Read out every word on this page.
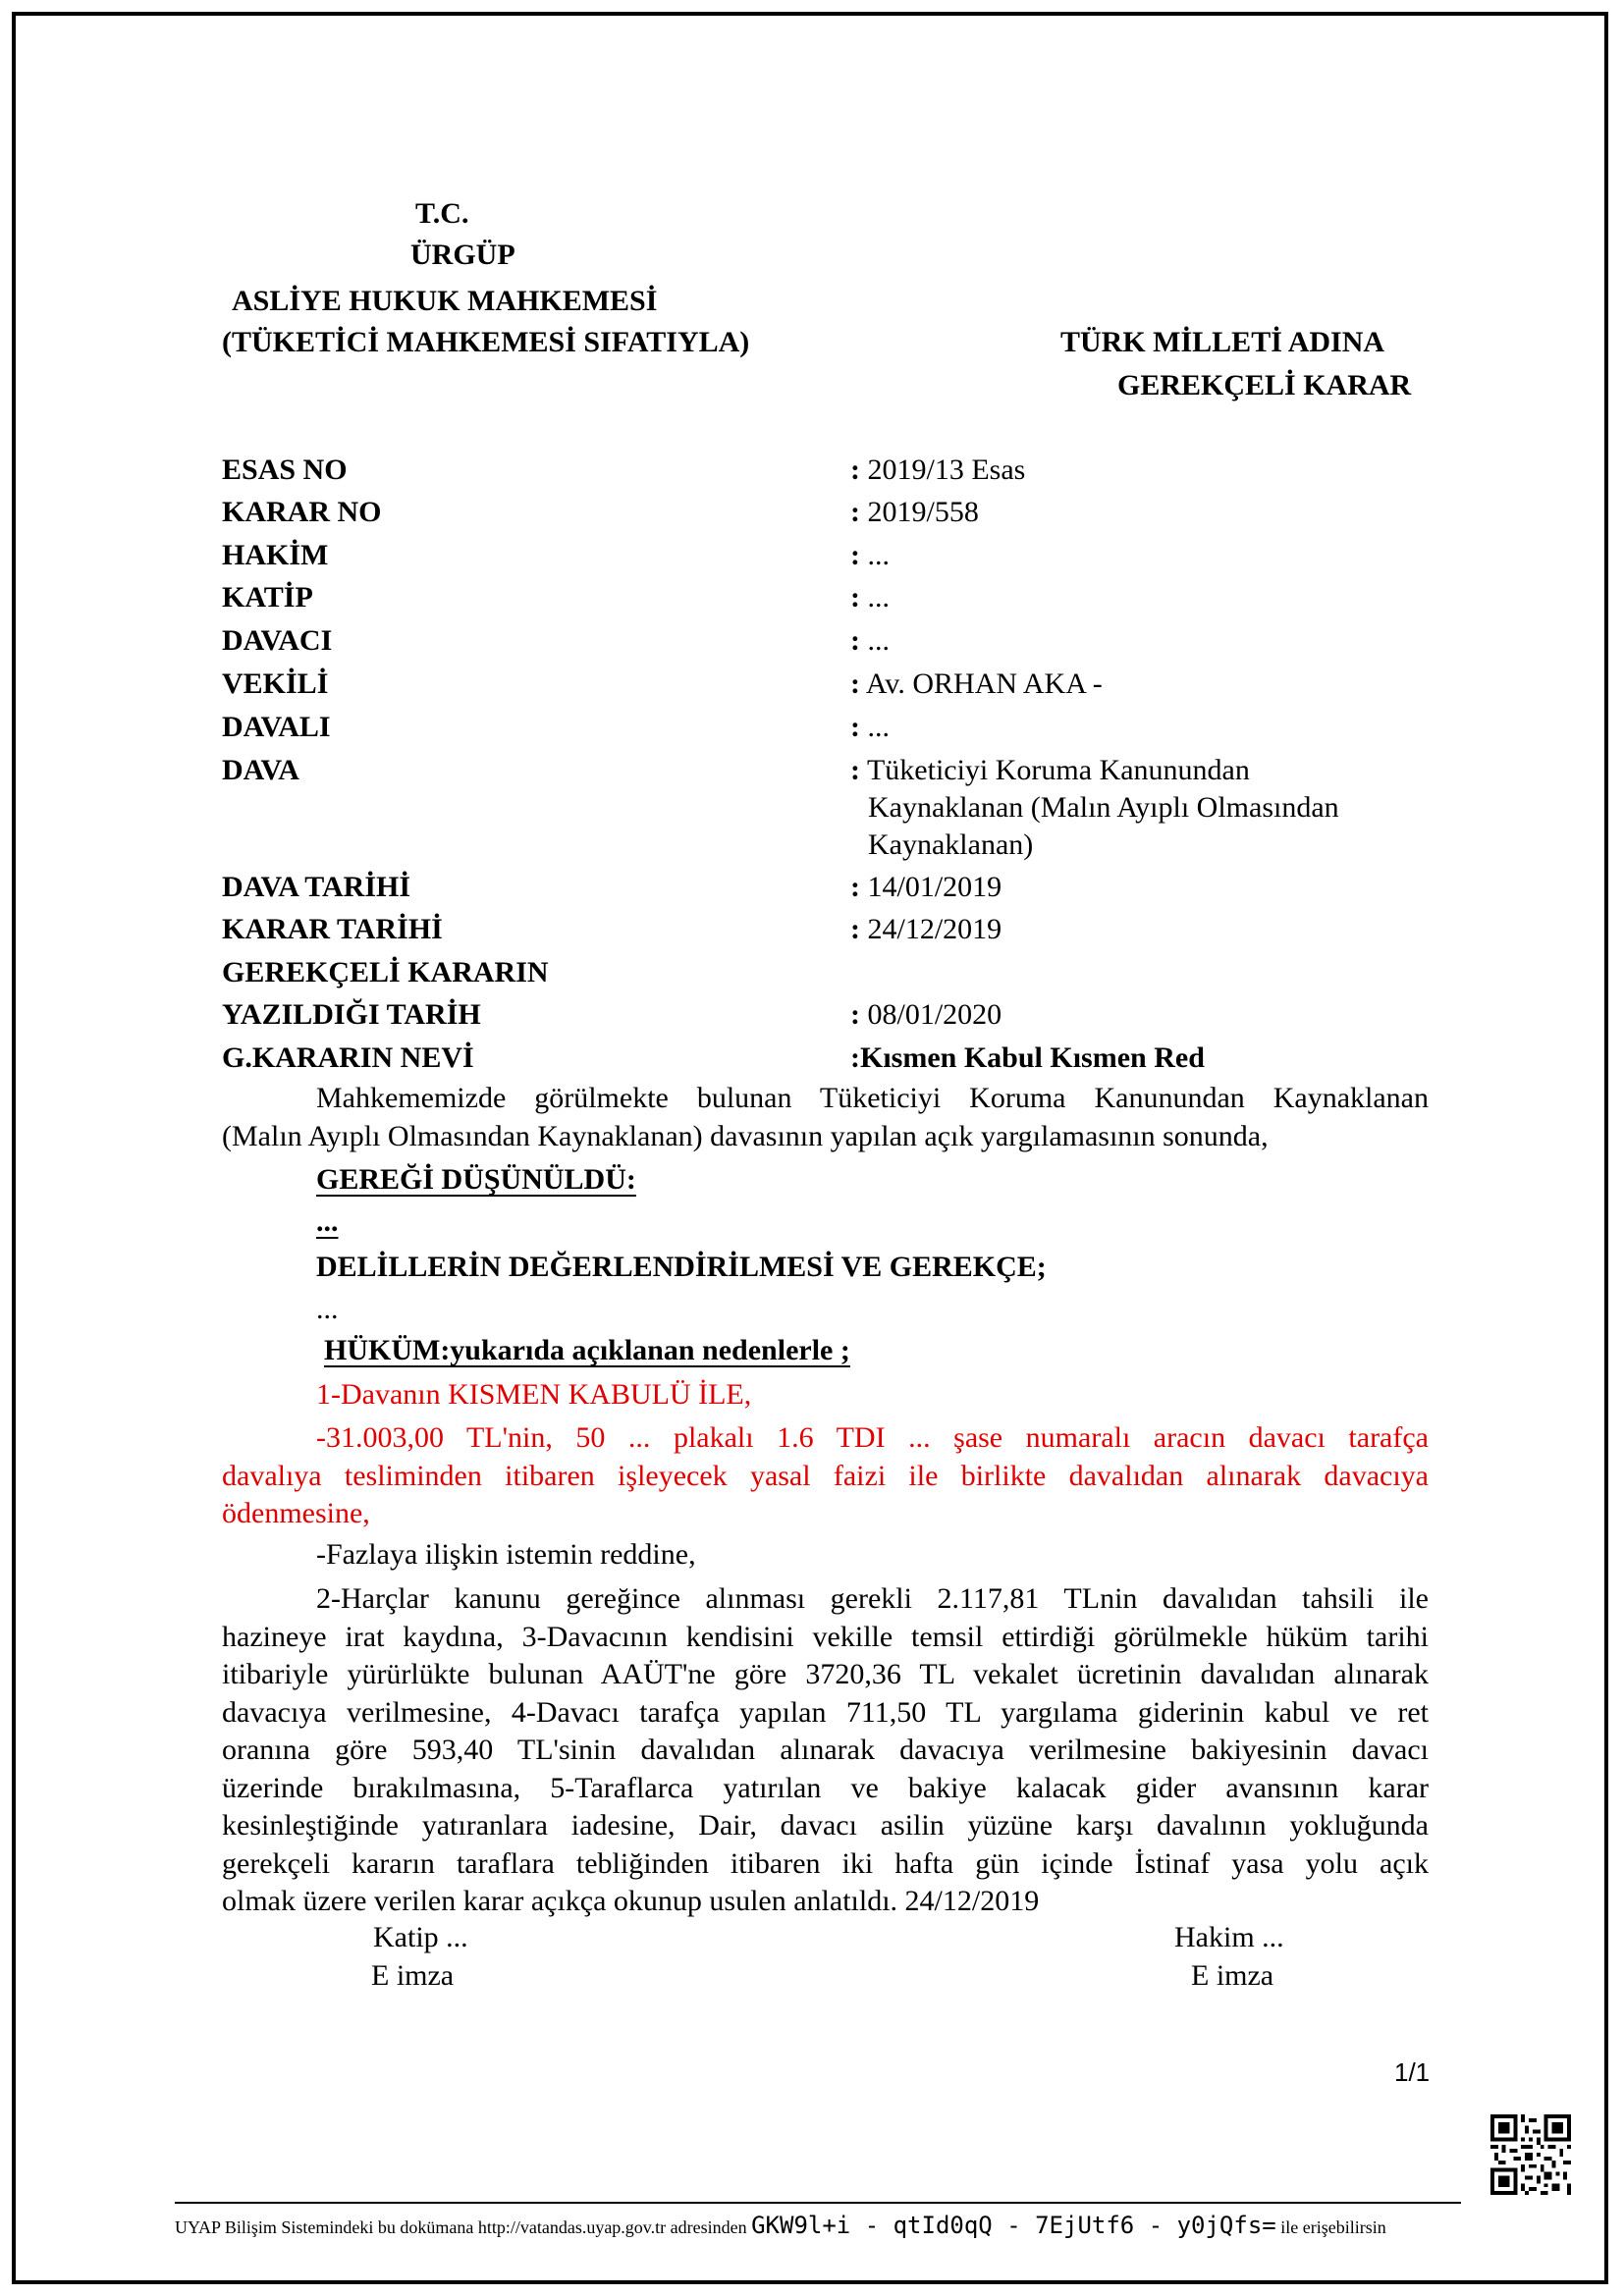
T.C.
ÜRGÜP
ASLİYE HUKUK MAHKEMESİ
(TÜKETİCİ MAHKEMESİ SIFATIYLA)	TÜRK MİLLETİ ADINA
GEREKÇELİ KARAR
ESAS NO	: 2019/13 Esas
KARAR NO	: 2019/558
HAKİM	: ...
KATİP	: ...
DAVACI	: ...
VEKİLİ	: Av. ORHAN AKA -
DAVALI	: ...
DAVA	: Tüketiciyi Koruma Kanunundan
Kaynaklanan (Malın Ayıplı Olmasından
Kaynaklanan)
DAVA TARİHİ	: 14/01/2019
KARAR TARİHİ	: 24/12/2019
GEREKÇELİ KARARIN
YAZILDIĞI TARİH	: 08/01/2020
G.KARARIN NEVİ	:Kısmen Kabul Kısmen Red
Mahkememizde görülmekte bulunan Tüketiciyi Koruma Kanunundan Kaynaklanan
(Malın Ayıplı Olmasından Kaynaklanan) davasının yapılan açık yargılamasının sonunda,
GEREĞİ DÜŞÜNÜLDÜ:
...
DELİLLERİN DEĞERLENDİRİLMESİ VE GEREKÇE;
...
HÜKÜM:yukarıda açıklanan nedenlerle ;
1-Davanın KISMEN KABULÜ İLE,
-31.003,00 TL'nin, 50 ... plakalı 1.6 TDI ... şase numaralı aracın davacı tarafça
davalıya tesliminden itibaren işleyecek yasal faizi ile birlikte davalıdan alınarak davacıya
ödenmesine,
-Fazlaya ilişkin istemin reddine,
2-Harçlar kanunu gereğince alınması gerekli 2.117,81 TLnin davalıdan tahsili ile
hazineye irat kaydına, 3-Davacının kendisini vekille temsil ettirdiği görülmekle hüküm tarihi
itibariyle yürürlükte bulunan AAÜT'ne göre 3720,36 TL vekalet ücretinin davalıdan alınarak
davacıya verilmesine, 4-Davacı tarafça yapılan 711,50 TL yargılama giderinin kabul ve ret
oranına göre 593,40 TL'sinin davalıdan alınarak davacıya verilmesine bakiyesinin davacı
üzerinde bırakılmasına, 5-Taraflarca yatırılan ve bakiye kalacak gider avansının karar
kesinleştiğinde yatıranlara iadesine, Dair, davacı asilin yüzüne karşı davalının yokluğunda
gerekçeli kararın taraflara tebliğinden itibaren iki hafta gün içinde İstinaf yasa yolu açık
olmak üzere verilen karar açıkça okunup usulen anlatıldı. 24/12/2019
Katip ...
E imza
Hakim ...
E imza
1/1
UYAP Bilişim Sistemindeki bu dokümana http://vatandas.uyap.gov.tr adresinden GKW9l+i - qtId0qQ - 7EjUtf6 - y0jQfs= ile erişebilirsin
